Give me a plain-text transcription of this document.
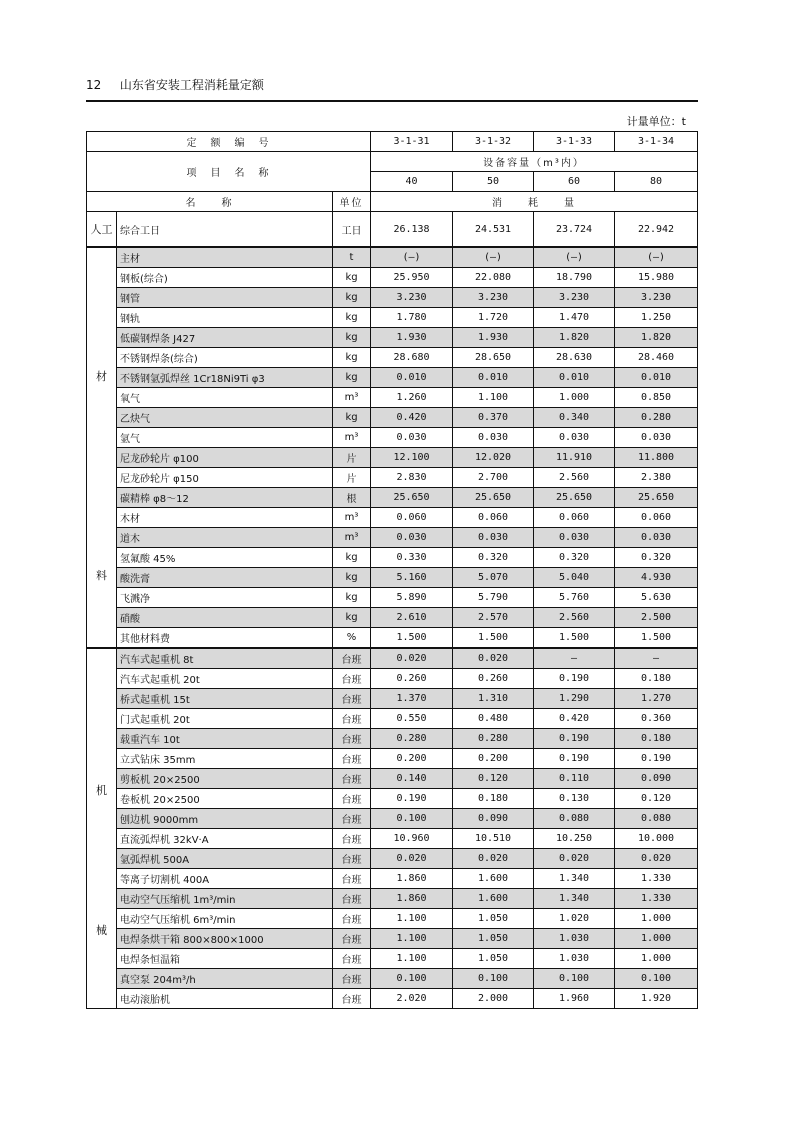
12 山东省安装工程消耗量定额
计量单位：t
定　额　编　号			3-1-31	3-1-32	3-1-33	3-1-34
项　目　名　称			设备容量（m³内）			
			40	50	60	80
名　　称		单位	消　　耗　　量			
人工	综合工日	工日	26.138	24.531	23.724	22.942

材
料	主材	t	(—)	(—)	(—)	(—)
	钢板(综合)	kg	25.950	22.080	18.790	15.980
	钢管	kg	3.230	3.230	3.230	3.230
	钢轨	kg	1.780	1.720	1.470	1.250
	低碳钢焊条 J427	kg	1.930	1.930	1.820	1.820
	不锈钢焊条(综合)	kg	28.680	28.650	28.630	28.460
	不锈钢氩弧焊丝 1Cr18Ni9Ti φ3	kg	0.010	0.010	0.010	0.010
	氧气	m³	1.260	1.100	1.000	0.850
	乙炔气	kg	0.420	0.370	0.340	0.280
	氩气	m³	0.030	0.030	0.030	0.030
	尼龙砂轮片 φ100	片	12.100	12.020	11.910	11.800
	尼龙砂轮片 φ150	片	2.830	2.700	2.560	2.380
	碳精棒 φ8～12	根	25.650	25.650	25.650	25.650
	木材	m³	0.060	0.060	0.060	0.060
	道木	m³	0.030	0.030	0.030	0.030
	氢氟酸 45%	kg	0.330	0.320	0.320	0.320
	酸洗膏	kg	5.160	5.070	5.040	4.930
	飞溅净	kg	5.890	5.790	5.760	5.630
	硝酸	kg	2.610	2.570	2.560	2.500
	其他材料费	%	1.500	1.500	1.500	1.500

机
械	汽车式起重机 8t	台班	0.020	0.020	—	—
	汽车式起重机 20t	台班	0.260	0.260	0.190	0.180
	桥式起重机 15t	台班	1.370	1.310	1.290	1.270
	门式起重机 20t	台班	0.550	0.480	0.420	0.360
	载重汽车 10t	台班	0.280	0.280	0.190	0.180
	立式钻床 35mm	台班	0.200	0.200	0.190	0.190
	剪板机 20×2500	台班	0.140	0.120	0.110	0.090
	卷板机 20×2500	台班	0.190	0.180	0.130	0.120
	刨边机 9000mm	台班	0.100	0.090	0.080	0.080
	直流弧焊机 32kV·A	台班	10.960	10.510	10.250	10.000
	氩弧焊机 500A	台班	0.020	0.020	0.020	0.020
	等离子切割机 400A	台班	1.860	1.600	1.340	1.330
	电动空气压缩机 1m³/min	台班	1.860	1.600	1.340	1.330
	电动空气压缩机 6m³/min	台班	1.100	1.050	1.020	1.000
	电焊条烘干箱 800×800×1000	台班	1.100	1.050	1.030	1.000
	电焊条恒温箱	台班	1.100	1.050	1.030	1.000
	真空泵 204m³/h	台班	0.100	0.100	0.100	0.100
	电动滚胎机	台班	2.020	2.000	1.960	1.920
